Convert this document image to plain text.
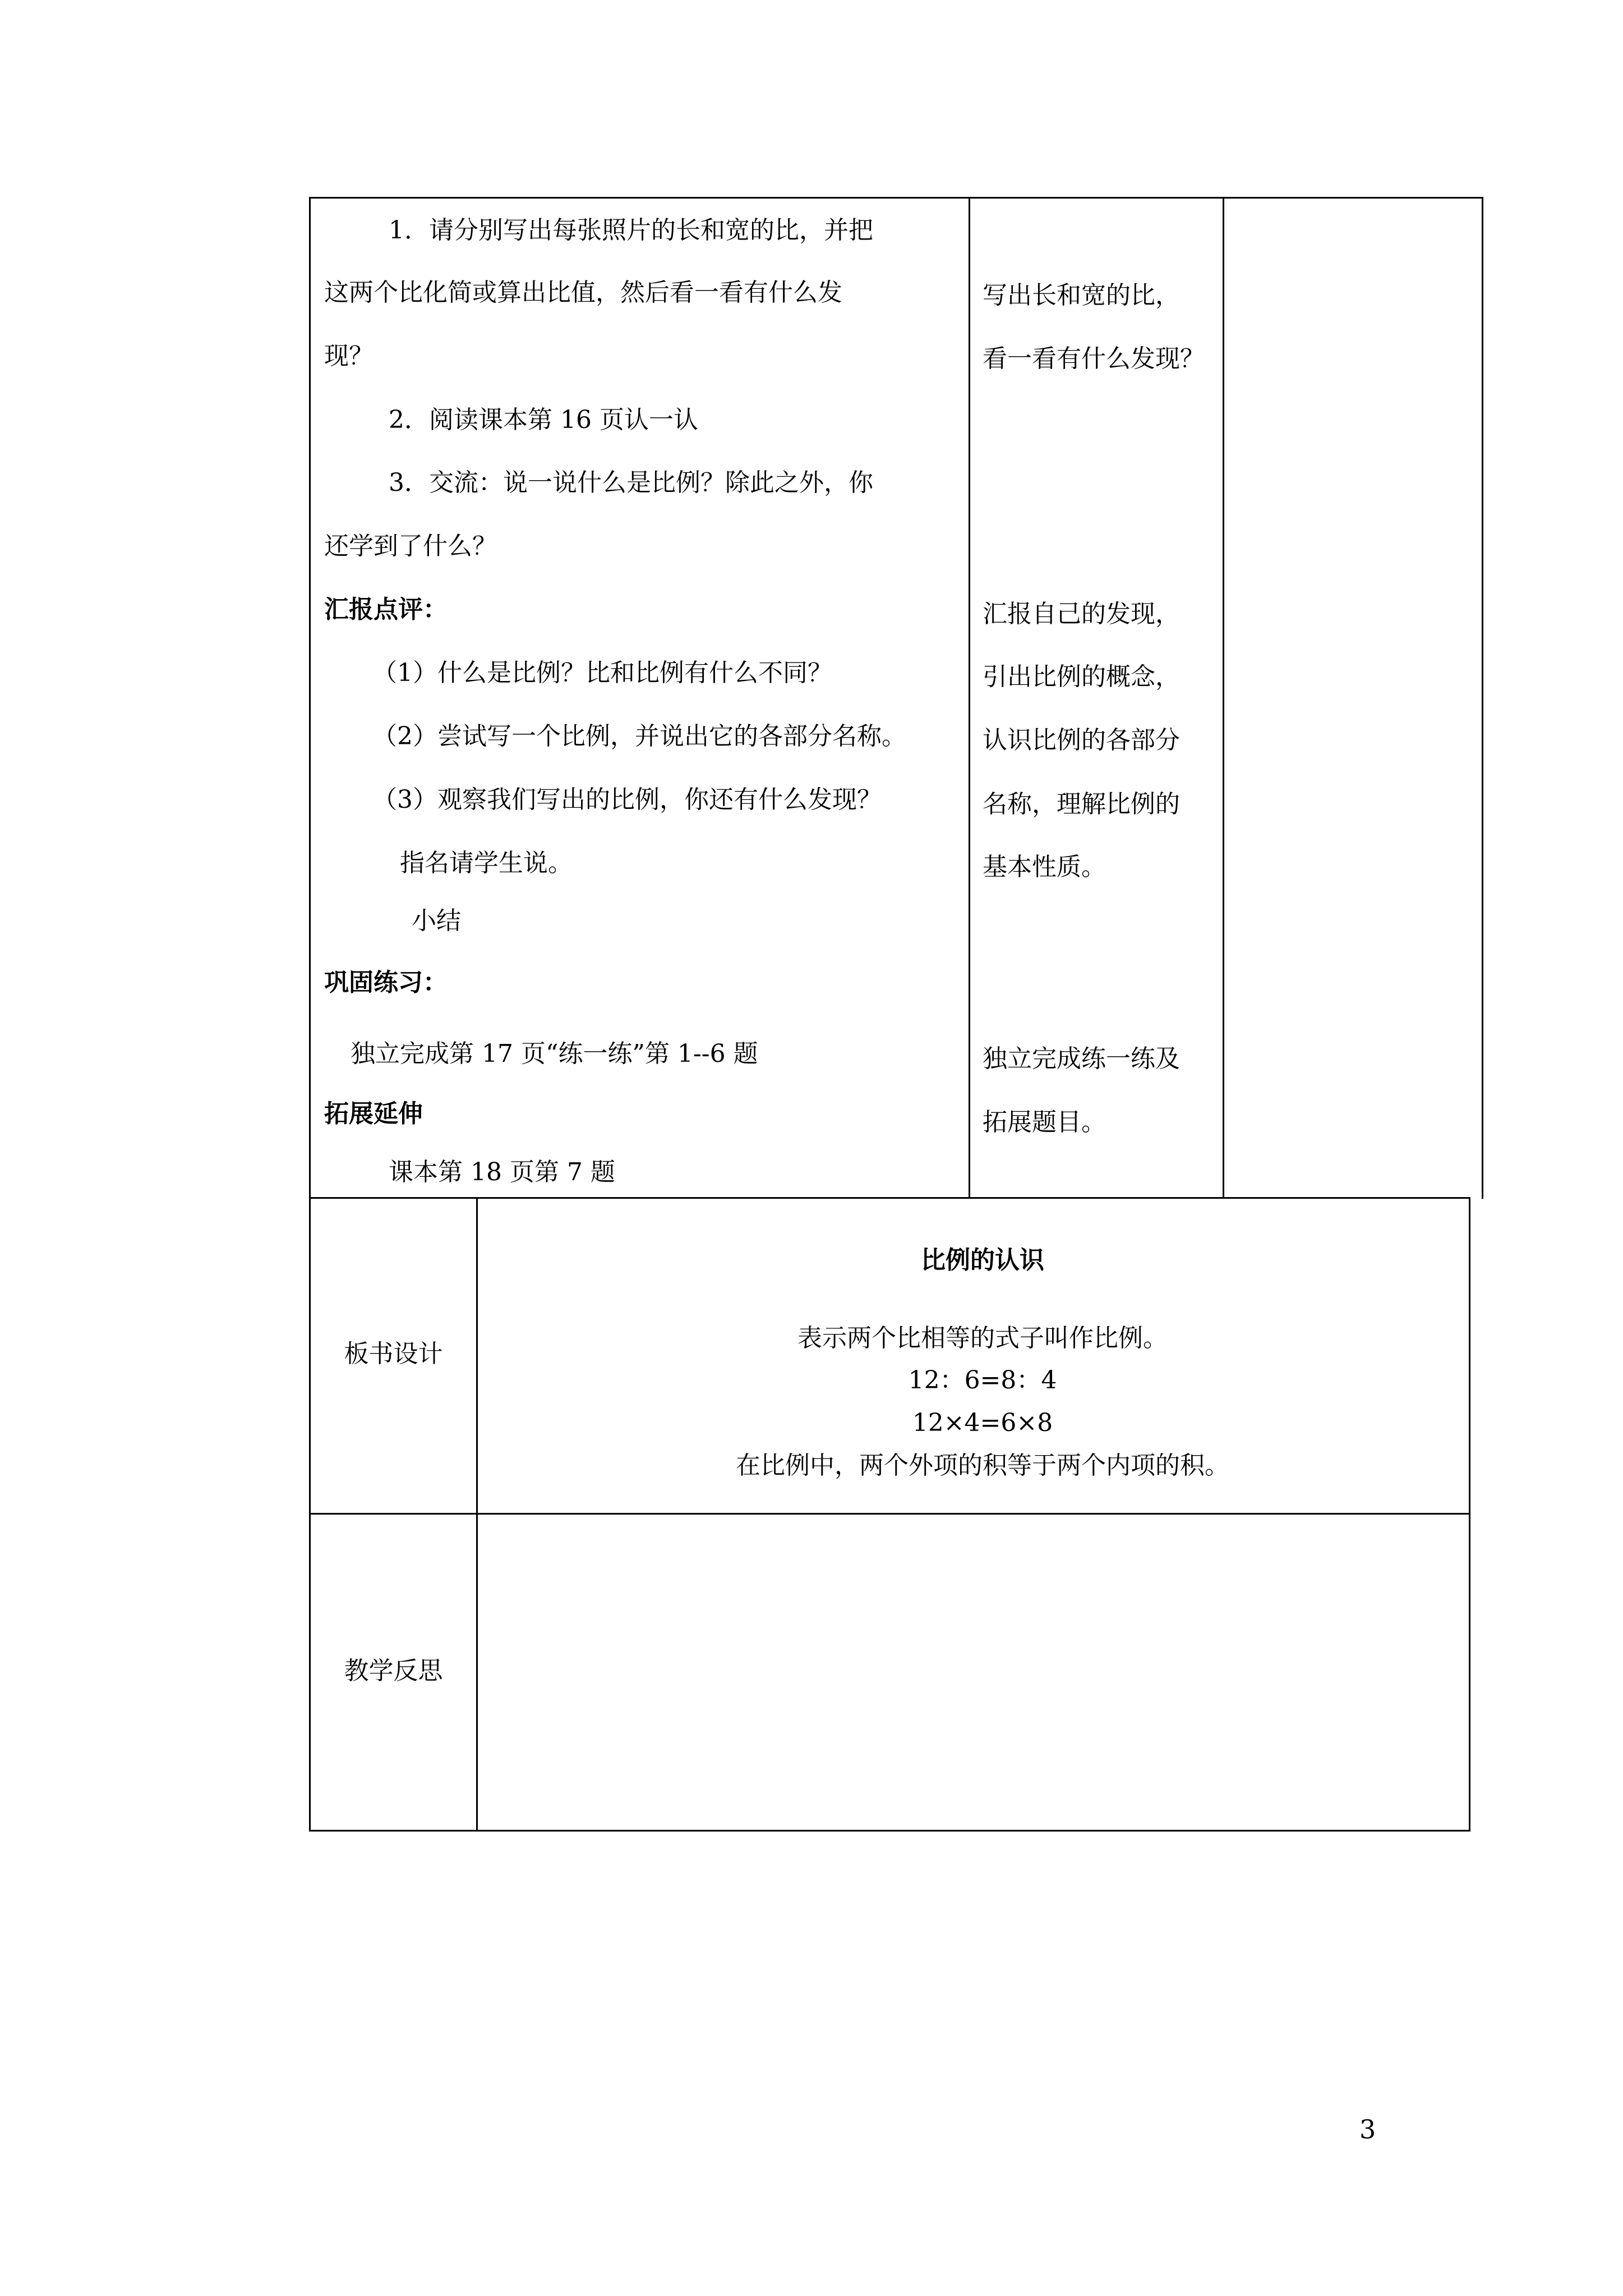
1．请分别写出每张照片的长和宽的比，并把
这两个比化简或算出比值，然后看一看有什么发
现？
2．阅读课本第 16 页认一认
3．交流：说一说什么是比例？除此之外，你
还学到了什么？
汇报点评：
（1）什么是比例？比和比例有什么不同？
（2）尝试写一个比例，并说出它的各部分名称。
（3）观察我们写出的比例，你还有什么发现？
指名请学生说。
小结
巩固练习：
独立完成第 17 页“练一练”第 1--6 题
拓展延伸
课本第 18 页第 7 题
写出长和宽的比，
看一看有什么发现？
汇报自己的发现，
引出比例的概念，
认识比例的各部分
名称，理解比例的
基本性质。
独立完成练一练及
拓展题目。
板书设计
比例的认识
表示两个比相等的式子叫作比例。
12：6=8：4
12×4=6×8
在比例中，两个外项的积等于两个内项的积。
教学反思
3
